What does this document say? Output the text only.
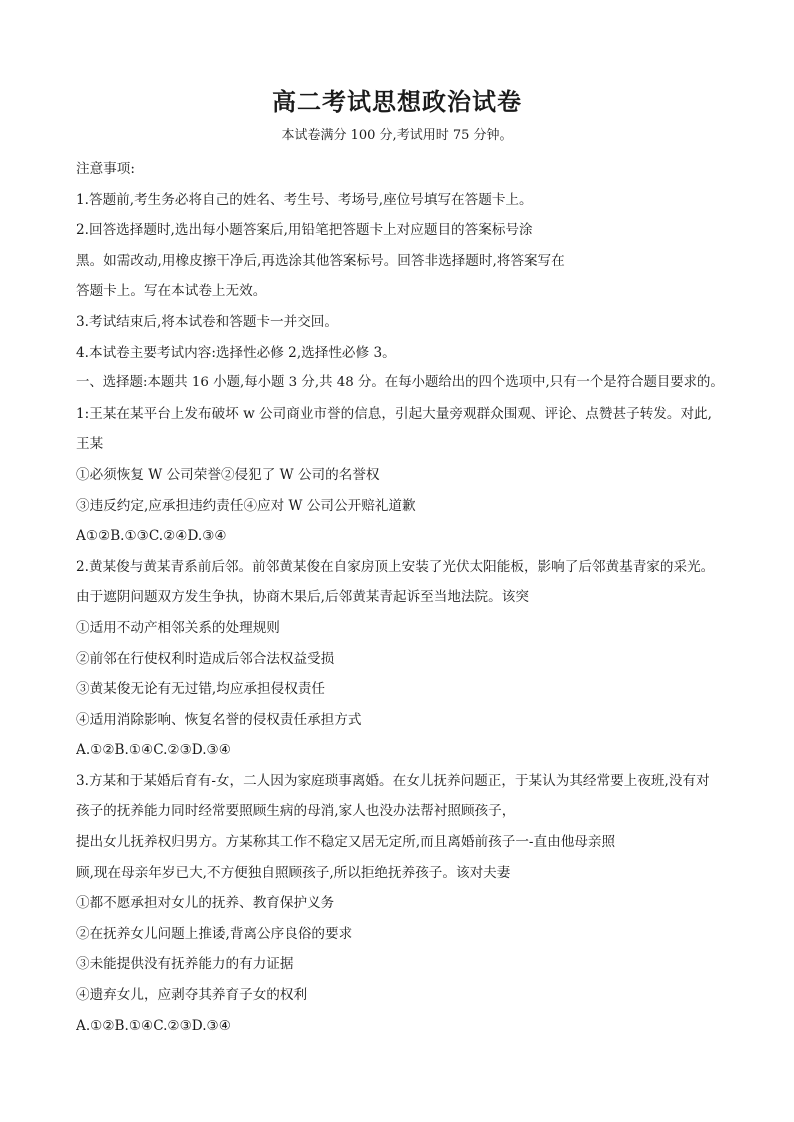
高二考试思想政治试卷
本试卷满分 100 分,考试用时 75 分钟。
注意事项:
1.答题前,考生务必将自己的姓名、考生号、考场号,座位号填写在答题卡上。
2.回答选择题时,选出每小题答案后,用铅笔把答题卡上对应题目的答案标号涂
黑。如需改动,用橡皮擦干净后,再选涂其他答案标号。回答非选择题时,将答案写在
答题卡上。写在本试卷上无效。
3.考试结束后,将本试卷和答题卡一并交回。
4.本试卷主要考试内容:选择性必修 2,选择性必修 3。
一、选择题:本题共 16 小题,每小题 3 分,共 48 分。在每小题给出的四个选项中,只有一个是符合题目要求的。
1:王某在某平台上发布破坏 w 公司商业市誉的信息，引起大量旁观群众围观、评论、点赞甚子转发。对此,
王某
①必须恢复 W 公司荣誉②侵犯了 W 公司的名誉权
③违反约定,应承担违约责任④应对 W 公司公开赔礼道歉
A①②B.①③C.②④D.③④
2.黄某俊与黄某青系前后邻。前邻黄某俊在自家房顶上安装了光伏太阳能板，影响了后邻黄基青家的采光。
由于遮阴问题双方发生争执，协商木果后,后邻黄某青起诉至当地法院。该突
①适用不动产相邻关系的处理规则
②前邻在行使权利时造成后邻合法权益受损
③黄某俊无论有无过错,均应承担侵权责任
④适用消除影响、恢复名誉的侵权责任承担方式
A.①②B.①④C.②③D.③④
3.方某和于某婚后育有-女，二人因为家庭琐事离婚。在女儿抚养问题正，于某认为其经常要上夜班,没有对
孩子的抚养能力同时经常要照顾生病的母消,家人也没办法帮衬照顾孩子，
提出女儿抚养权归男方。方某称其工作不稳定又居无定所,而且离婚前孩子一-直由他母亲照
顾,现在母亲年岁已大,不方便独自照顾孩子,所以拒绝抚养孩子。该对夫妻
①都不愿承担对女儿的抚养、教育保护义务
②在抚养女儿问题上推诿,背离公序良俗的要求
③未能提供没有抚养能力的有力证据
④遗弃女儿，应剥夺其养育子女的权利
A.①②B.①④C.②③D.③④
